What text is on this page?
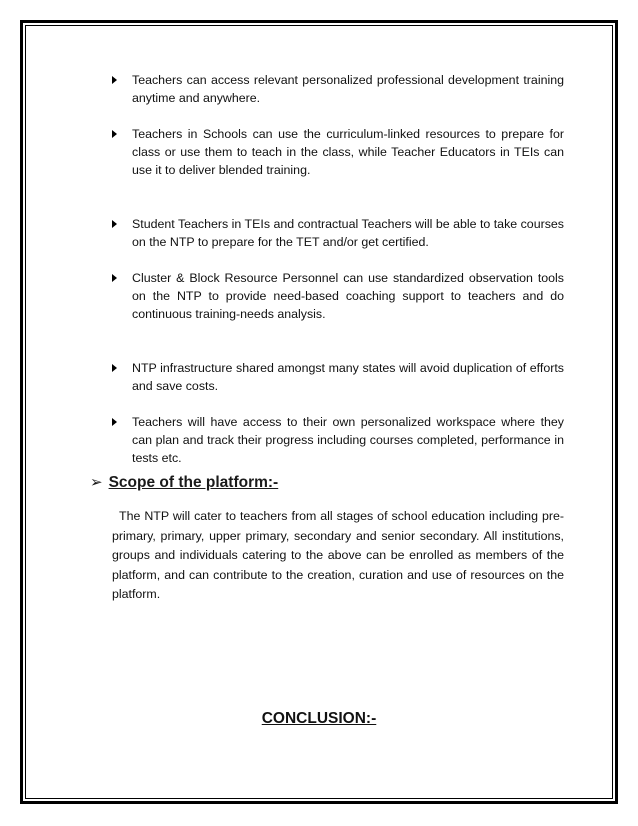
Teachers can access relevant personalized professional development training anytime and anywhere.
Teachers in Schools can use the curriculum-linked resources to prepare for class or use them to teach in the class, while Teacher Educators in TEIs can use it to deliver blended training.
Student Teachers in TEIs and contractual Teachers will be able to take courses on the NTP to prepare for the TET and/or get certified.
Cluster & Block Resource Personnel can use standardized observation tools on the NTP to provide need-based coaching support to teachers and do continuous training-needs analysis.
NTP infrastructure shared amongst many states will avoid duplication of efforts and save costs.
Teachers will have access to their own personalized workspace where they can plan and track their progress including courses completed, performance in tests etc.
➢ Scope of the platform:-
The NTP will cater to teachers from all stages of school education including pre-primary, primary, upper primary, secondary and senior secondary. All institutions, groups and individuals catering to the above can be enrolled as members of the platform, and can contribute to the creation, curation and use of resources on the platform.
CONCLUSION:-
